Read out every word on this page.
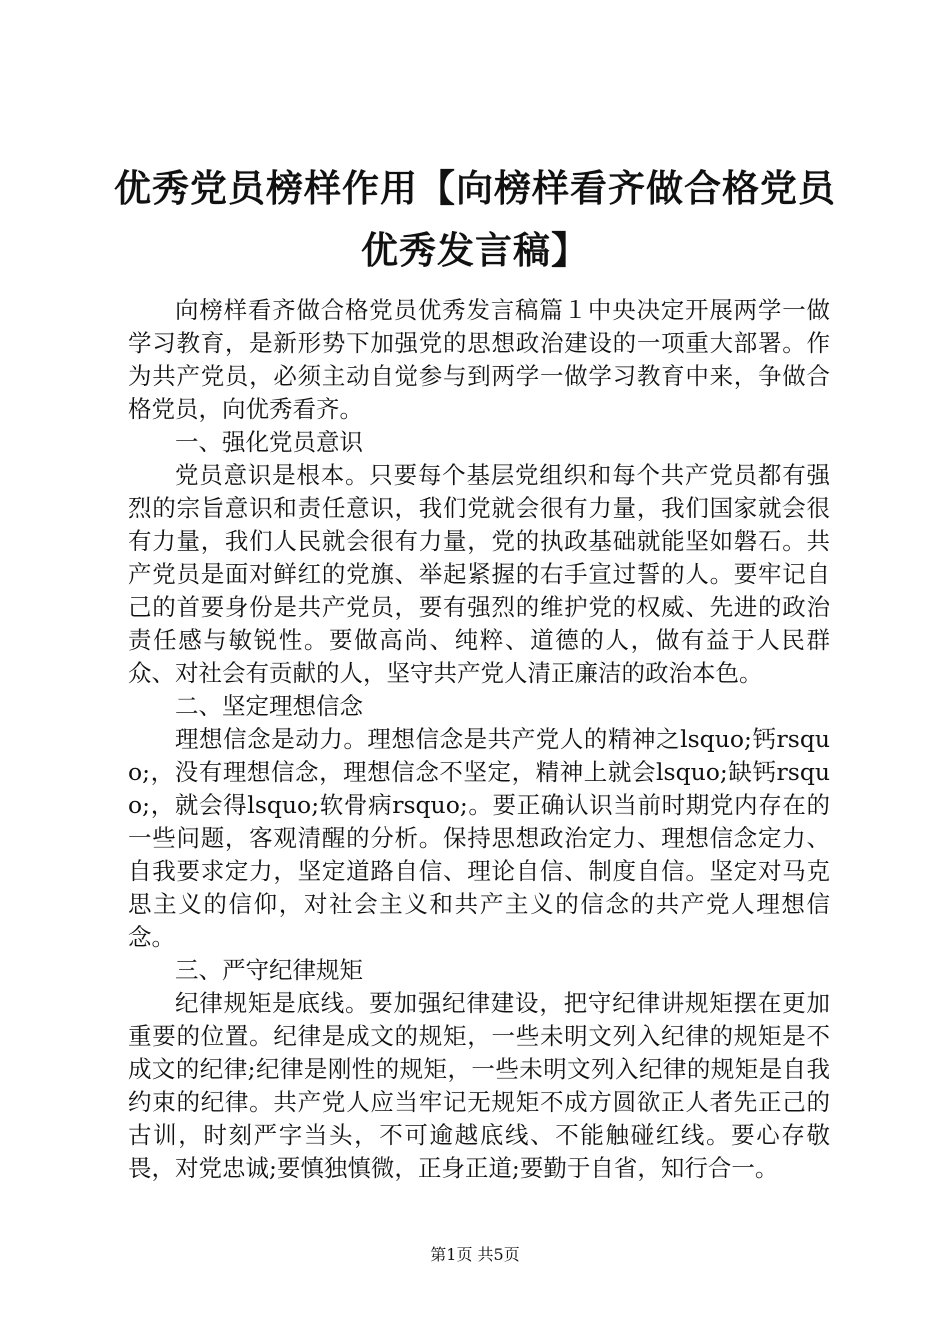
优秀党员榜样作用【向榜样看齐做合格党员优秀发言稿】

向榜样看齐做合格党员优秀发言稿篇１中央决定开展两学一做学习教育，是新形势下加强党的思想政治建设的一项重大部署。作为共产党员，必须主动自觉参与到两学一做学习教育中来，争做合格党员，向优秀看齐。

一、强化党员意识

党员意识是根本。只要每个基层党组织和每个共产党员都有强烈的宗旨意识和责任意识，我们党就会很有力量，我们国家就会很有力量，我们人民就会很有力量，党的执政基础就能坚如磐石。共产党员是面对鲜红的党旗、举起紧握的右手宣过誓的人。要牢记自己的首要身份是共产党员，要有强烈的维护党的权威、先进的政治责任感与敏锐性。要做高尚、纯粹、道德的人，做有益于人民群众、对社会有贡献的人，坚守共产党人清正廉洁的政治本色。

二、坚定理想信念

理想信念是动力。理想信念是共产党人的精神之lsquo;钙rsquo;，没有理想信念，理想信念不坚定，精神上就会lsquo;缺钙rsquo;，就会得lsquo;软骨病rsquo;。要正确认识当前时期党内存在的一些问题，客观清醒的分析。保持思想政治定力、理想信念定力、自我要求定力，坚定道路自信、理论自信、制度自信。坚定对马克思主义的信仰，对社会主义和共产主义的信念的共产党人理想信念。

三、严守纪律规矩

纪律规矩是底线。要加强纪律建设，把守纪律讲规矩摆在更加重要的位置。纪律是成文的规矩，一些未明文列入纪律的规矩是不成文的纪律;纪律是刚性的规矩，一些未明文列入纪律的规矩是自我约束的纪律。共产党人应当牢记无规矩不成方圆欲正人者先正己的古训，时刻严字当头，不可逾越底线、不能触碰红线。要心存敬畏，对党忠诚;要慎独慎微，正身正道;要勤于自省，知行合一。

第1页 共5页
